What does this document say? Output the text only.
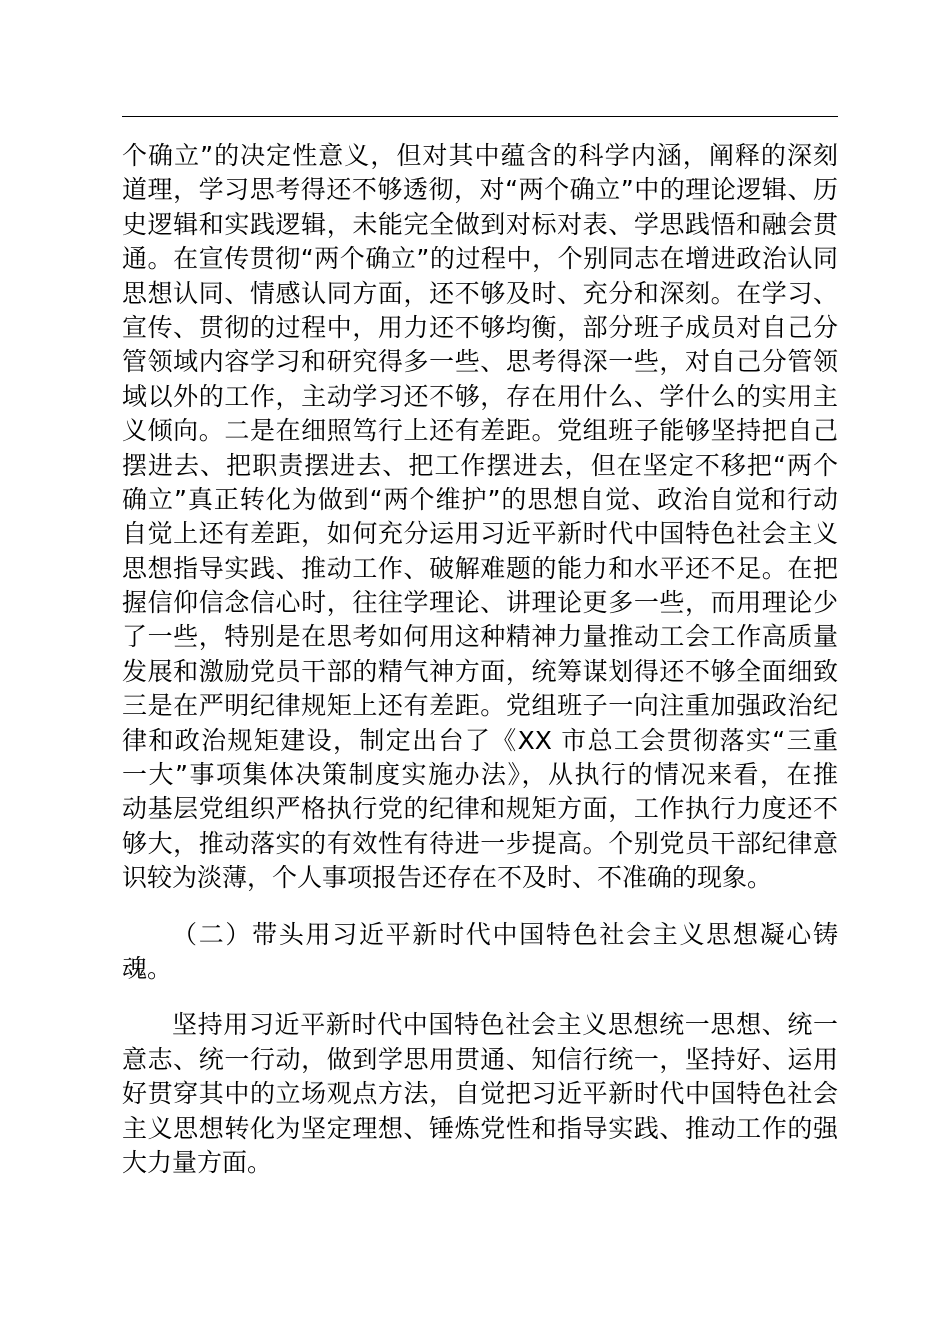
个确立”的决定性意义，但对其中蕴含的科学内涵，阐释的深刻
道理，学习思考得还不够透彻，对“两个确立”中的理论逻辑、历
史逻辑和实践逻辑，未能完全做到对标对表、学思践悟和融会贯
通。在宣传贯彻“两个确立”的过程中，个别同志在增进政治认同
思想认同、情感认同方面，还不够及时、充分和深刻。在学习、
宣传、贯彻的过程中，用力还不够均衡，部分班子成员对自己分
管领域内容学习和研究得多一些、思考得深一些，对自己分管领
域以外的工作，主动学习还不够，存在用什么、学什么的实用主
义倾向。二是在细照笃行上还有差距。党组班子能够坚持把自己
摆进去、把职责摆进去、把工作摆进去，但在坚定不移把“两个
确立”真正转化为做到“两个维护”的思想自觉、政治自觉和行动
自觉上还有差距，如何充分运用习近平新时代中国特色社会主义
思想指导实践、推动工作、破解难题的能力和水平还不足。在把
握信仰信念信心时，往往学理论、讲理论更多一些，而用理论少
了一些，特别是在思考如何用这种精神力量推动工会工作高质量
发展和激励党员干部的精气神方面，统筹谋划得还不够全面细致
三是在严明纪律规矩上还有差距。党组班子一向注重加强政治纪
律和政治规矩建设，制定出台了《XX 市总工会贯彻落实“三重
一大”事项集体决策制度实施办法》，从执行的情况来看，在推
动基层党组织严格执行党的纪律和规矩方面，工作执行力度还不
够大，推动落实的有效性有待进一步提高。个别党员干部纪律意
识较为淡薄，个人事项报告还存在不及时、不准确的现象。
（二）带头用习近平新时代中国特色社会主义思想凝心铸
魂。
坚持用习近平新时代中国特色社会主义思想统一思想、统一
意志、统一行动，做到学思用贯通、知信行统一，坚持好、运用
好贯穿其中的立场观点方法，自觉把习近平新时代中国特色社会
主义思想转化为坚定理想、锤炼党性和指导实践、推动工作的强
大力量方面。
